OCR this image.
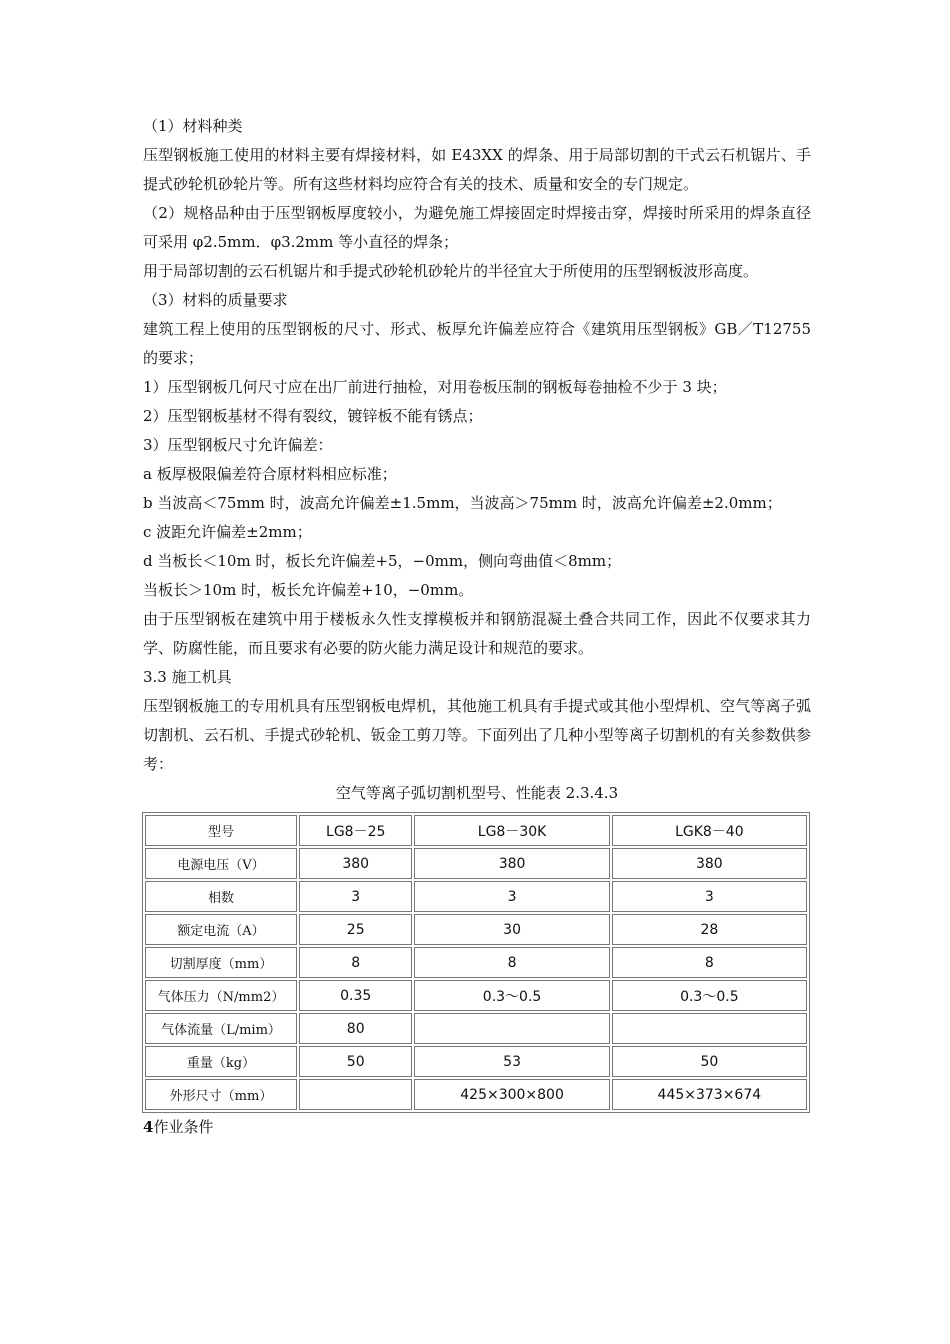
（1）材料种类

压型钢板施工使用的材料主要有焊接材料，如 E43XX 的焊条、用于局部切割的干式云石机锯片、手提式砂轮机砂轮片等。所有这些材料均应符合有关的技术、质量和安全的专门规定。

（2）规格品种由于压型钢板厚度较小，为避免施工焊接固定时焊接击穿，焊接时所采用的焊条直径可采用 φ2.5mm．φ3.2mm 等小直径的焊条；

用于局部切割的云石机锯片和手提式砂轮机砂轮片的半径宜大于所使用的压型钢板波形高度。

（3）材料的质量要求

建筑工程上使用的压型钢板的尺寸、形式、板厚允许偏差应符合《建筑用压型钢板》GB／T12755 的要求；

1）压型钢板几何尺寸应在出厂前进行抽检，对用卷板压制的钢板每卷抽检不少于 3 块；

2）压型钢板基材不得有裂纹，镀锌板不能有锈点；

3）压型钢板尺寸允许偏差：

a 板厚极限偏差符合原材料相应标准；

b 当波高＜75mm 时，波高允许偏差±1.5mm，当波高＞75mm 时，波高允许偏差±2.0mm；

c 波距允许偏差±2mm；

d 当板长＜10m 时，板长允许偏差+5，−0mm，侧向弯曲值＜8mm；

当板长＞10m 时，板长允许偏差+10，−0mm。

由于压型钢板在建筑中用于楼板永久性支撑模板并和钢筋混凝土叠合共同工作，因此不仅要求其力学、防腐性能，而且要求有必要的防火能力满足设计和规范的要求。

3.3 施工机具

压型钢板施工的专用机具有压型钢板电焊机，其他施工机具有手提式或其他小型焊机、空气等离子弧切割机、云石机、手提式砂轮机、钣金工剪刀等。下面列出了几种小型等离子切割机的有关参数供参考：

空气等离子弧切割机型号、性能表 2.3.4.3

型号	LG8－25	LG8－30K	LGK8－40
电源电压（V）	380	380	380
相数	3	3	3
额定电流（A）	25	30	28
切割厚度（mm）	8	8	8
气体压力（N/mm2）	0.35	0.3～0.5	0.3～0.5
气体流量（L/mim）	80		
重量（kg）	50	53	50
外形尺寸（mm）		425×300×800	445×373×674

4作业条件
